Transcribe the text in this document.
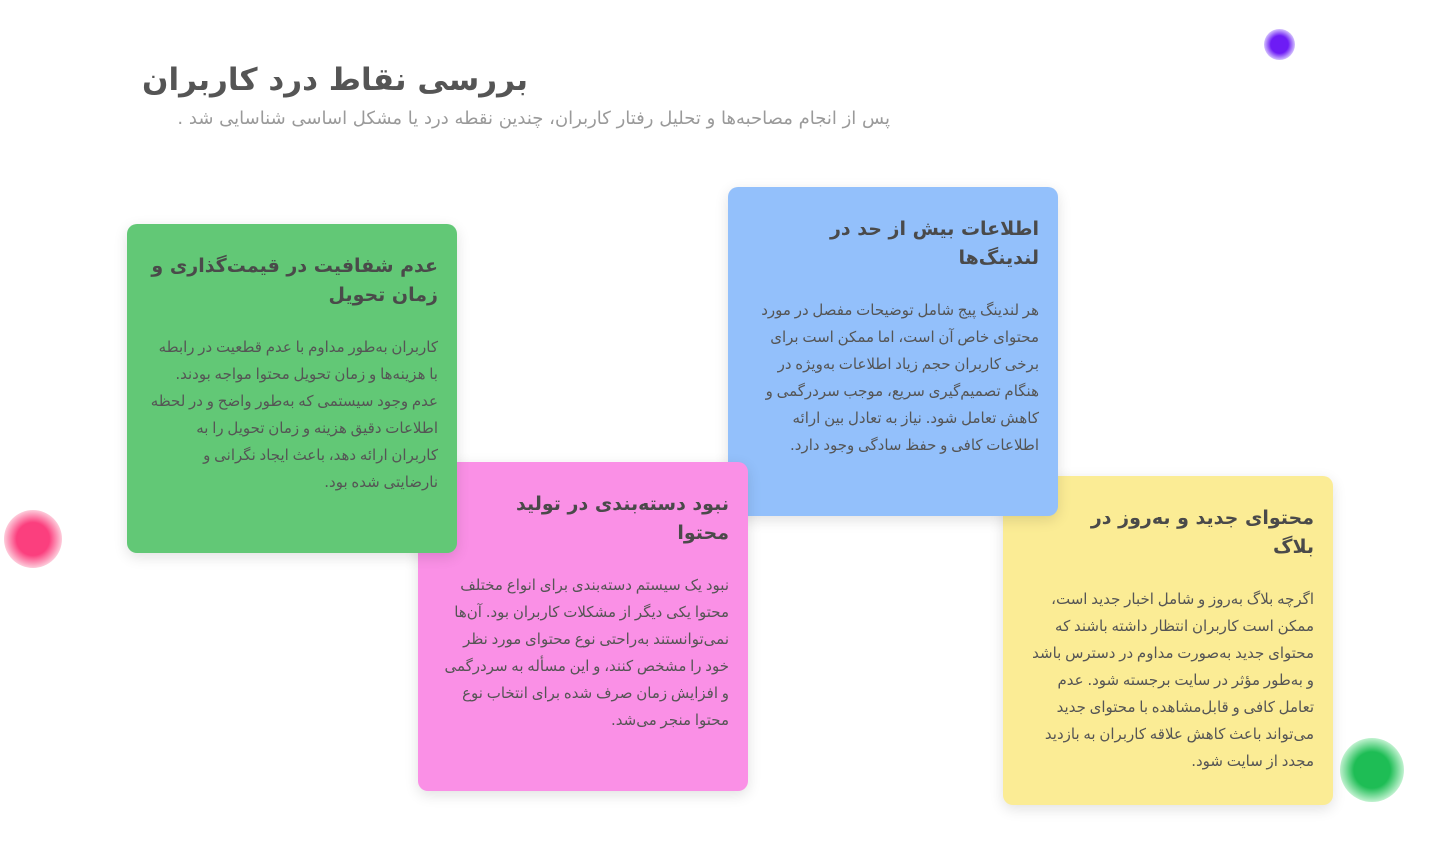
بررسی نقاط درد کاربران
پس از انجام مصاحبه‌ها و تحلیل رفتار کاربران، چندین نقطه درد یا مشکل اساسی شناسایی شد .
عدم شفافیت در قیمت‌گذاری و زمان تحویل

کاربران به‌طور مداوم با عدم قطعیت در رابطه با هزینه‌ها و زمان تحویل محتوا مواجه بودند. عدم وجود سیستمی که به‌طور واضح و در لحظه اطلاعات دقیق هزینه و زمان تحویل را به کاربران ارائه دهد، باعث ایجاد نگرانی و نارضایتی شده بود.

اطلاعات بیش از حد در لندینگ‌ها

هر لندینگ پیج شامل توضیحات مفصل در مورد محتوای خاص آن است، اما ممکن است برای برخی کاربران حجم زیاد اطلاعات به‌ویژه در هنگام تصمیم‌گیری سریع، موجب سردرگمی و کاهش تعامل شود. نیاز به تعادل بین ارائه اطلاعات کافی و حفظ سادگی وجود دارد.

نبود دسته‌بندی در تولید محتوا

نبود یک سیستم دسته‌بندی برای انواع مختلف محتوا یکی دیگر از مشکلات کاربران بود. آن‌ها نمی‌توانستند به‌راحتی نوع محتوای مورد نظر خود را مشخص کنند، و این مسأله به سردرگمی و افزایش زمان صرف شده برای انتخاب نوع محتوا منجر می‌شد.

محتوای جدید و به‌روز در بلاگ

اگرچه بلاگ به‌روز و شامل اخبار جدید است، ممکن است کاربران انتظار داشته باشند که محتوای جدید به‌صورت مداوم در دسترس باشد و به‌طور مؤثر در سایت برجسته شود. عدم تعامل کافی و قابل‌مشاهده با محتوای جدید می‌تواند باعث کاهش علاقه کاربران به بازدید مجدد از سایت شود.
